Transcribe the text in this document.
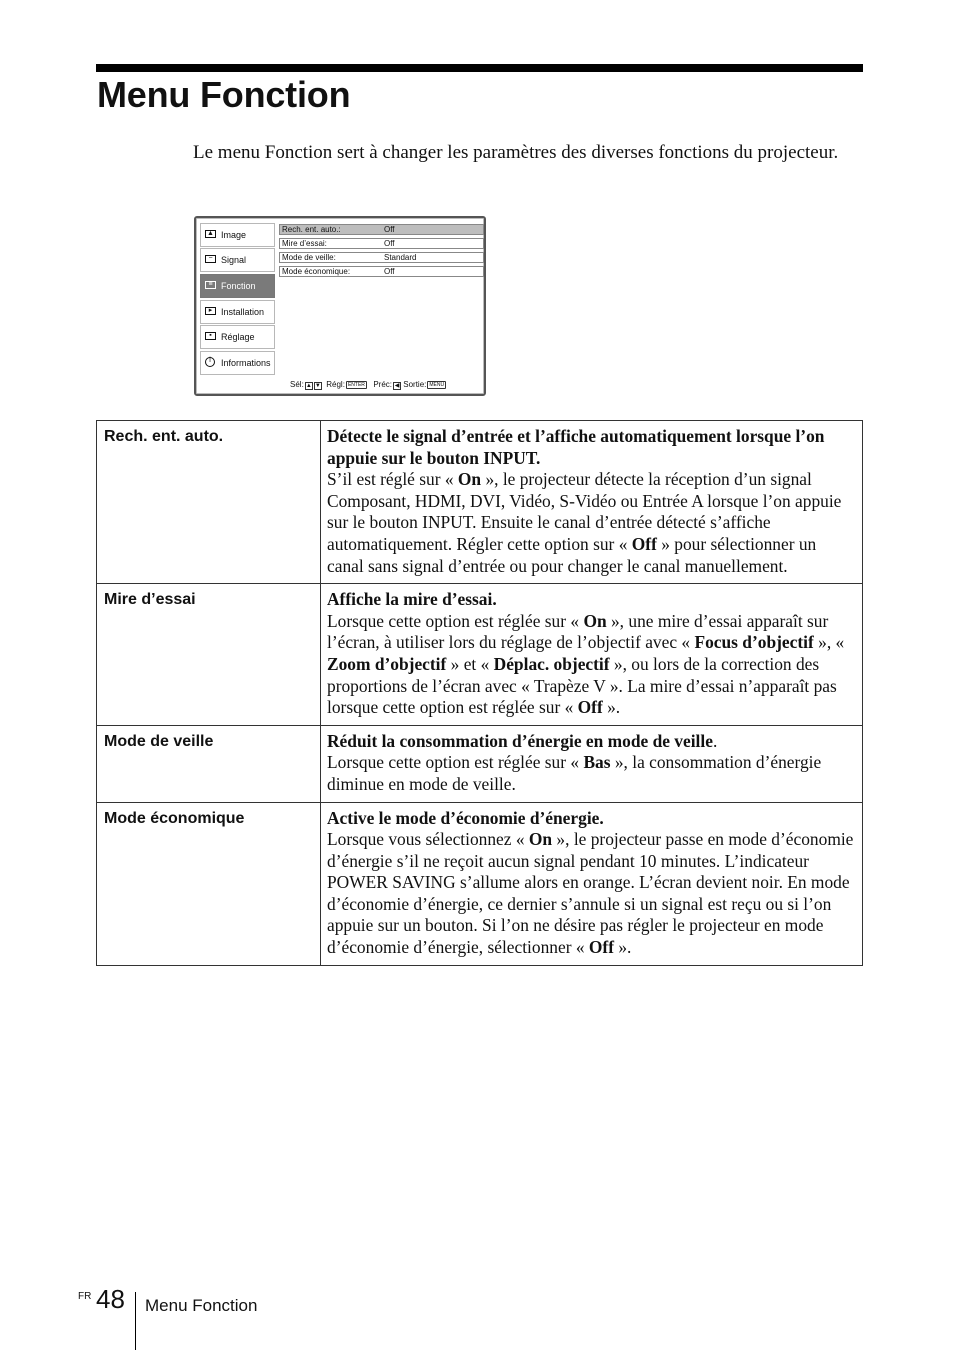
Menu Fonction

Le menu Fonction sert à changer les paramètres des diverses fonctions du projecteur.

▲ Image
− Signal
≡ Fonction
▸ Installation
▪	Réglage
i	Informations
Rech. ent. auto.:	Off
Mire d’essai:	Off
Mode de veille:	Standard
Mode économique:	Off
Sél: ▲ ▼ Régl: ENTER Préc: ◀ Sortie: MENU
Rech. ent. auto.	Détecte le signal d’entrée et l’affiche automatiquement lorsque l’on appuie sur le bouton INPUT.
S’il est réglé sur « On », le projecteur détecte la réception d’un signal Composant, HDMI, DVI, Vidéo, S-Vidéo ou Entrée A lorsque l’on appuie sur le bouton INPUT. Ensuite le canal d’entrée détecté s’affiche automatiquement. Régler cette option sur « Off » pour sélectionner un canal sans signal d’entrée ou pour changer le canal manuellement.
Mire d’essai	Affiche la mire d’essai.
Lorsque cette option est réglée sur « On », une mire d’essai apparaît sur l’écran, à utiliser lors du réglage de l’objectif avec « Focus d’objectif », « Zoom d’objectif » et « Déplac. objectif », ou lors de la correction des proportions de l’écran avec « Trapèze V ». La mire d’essai n’apparaît pas lorsque cette option est réglée sur « Off ».
Mode de veille	Réduit la consommation d’énergie en mode de veille.
Lorsque cette option est réglée sur « Bas », la consommation d’énergie diminue en mode de veille.
Mode économique	Active le mode d’économie d’énergie.
Lorsque vous sélectionnez « On », le projecteur passe en mode d’économie d’énergie s’il ne reçoit aucun signal pendant 10 minutes. L’indicateur POWER SAVING s’allume alors en orange. L’écran devient noir. En mode d’économie d’énergie, ce dernier s’annule si un signal est reçu ou si l’on appuie sur un bouton. Si l’on ne désire pas régler le projecteur en mode d’économie d’énergie, sélectionner « Off ».
FR 48 Menu Fonction
